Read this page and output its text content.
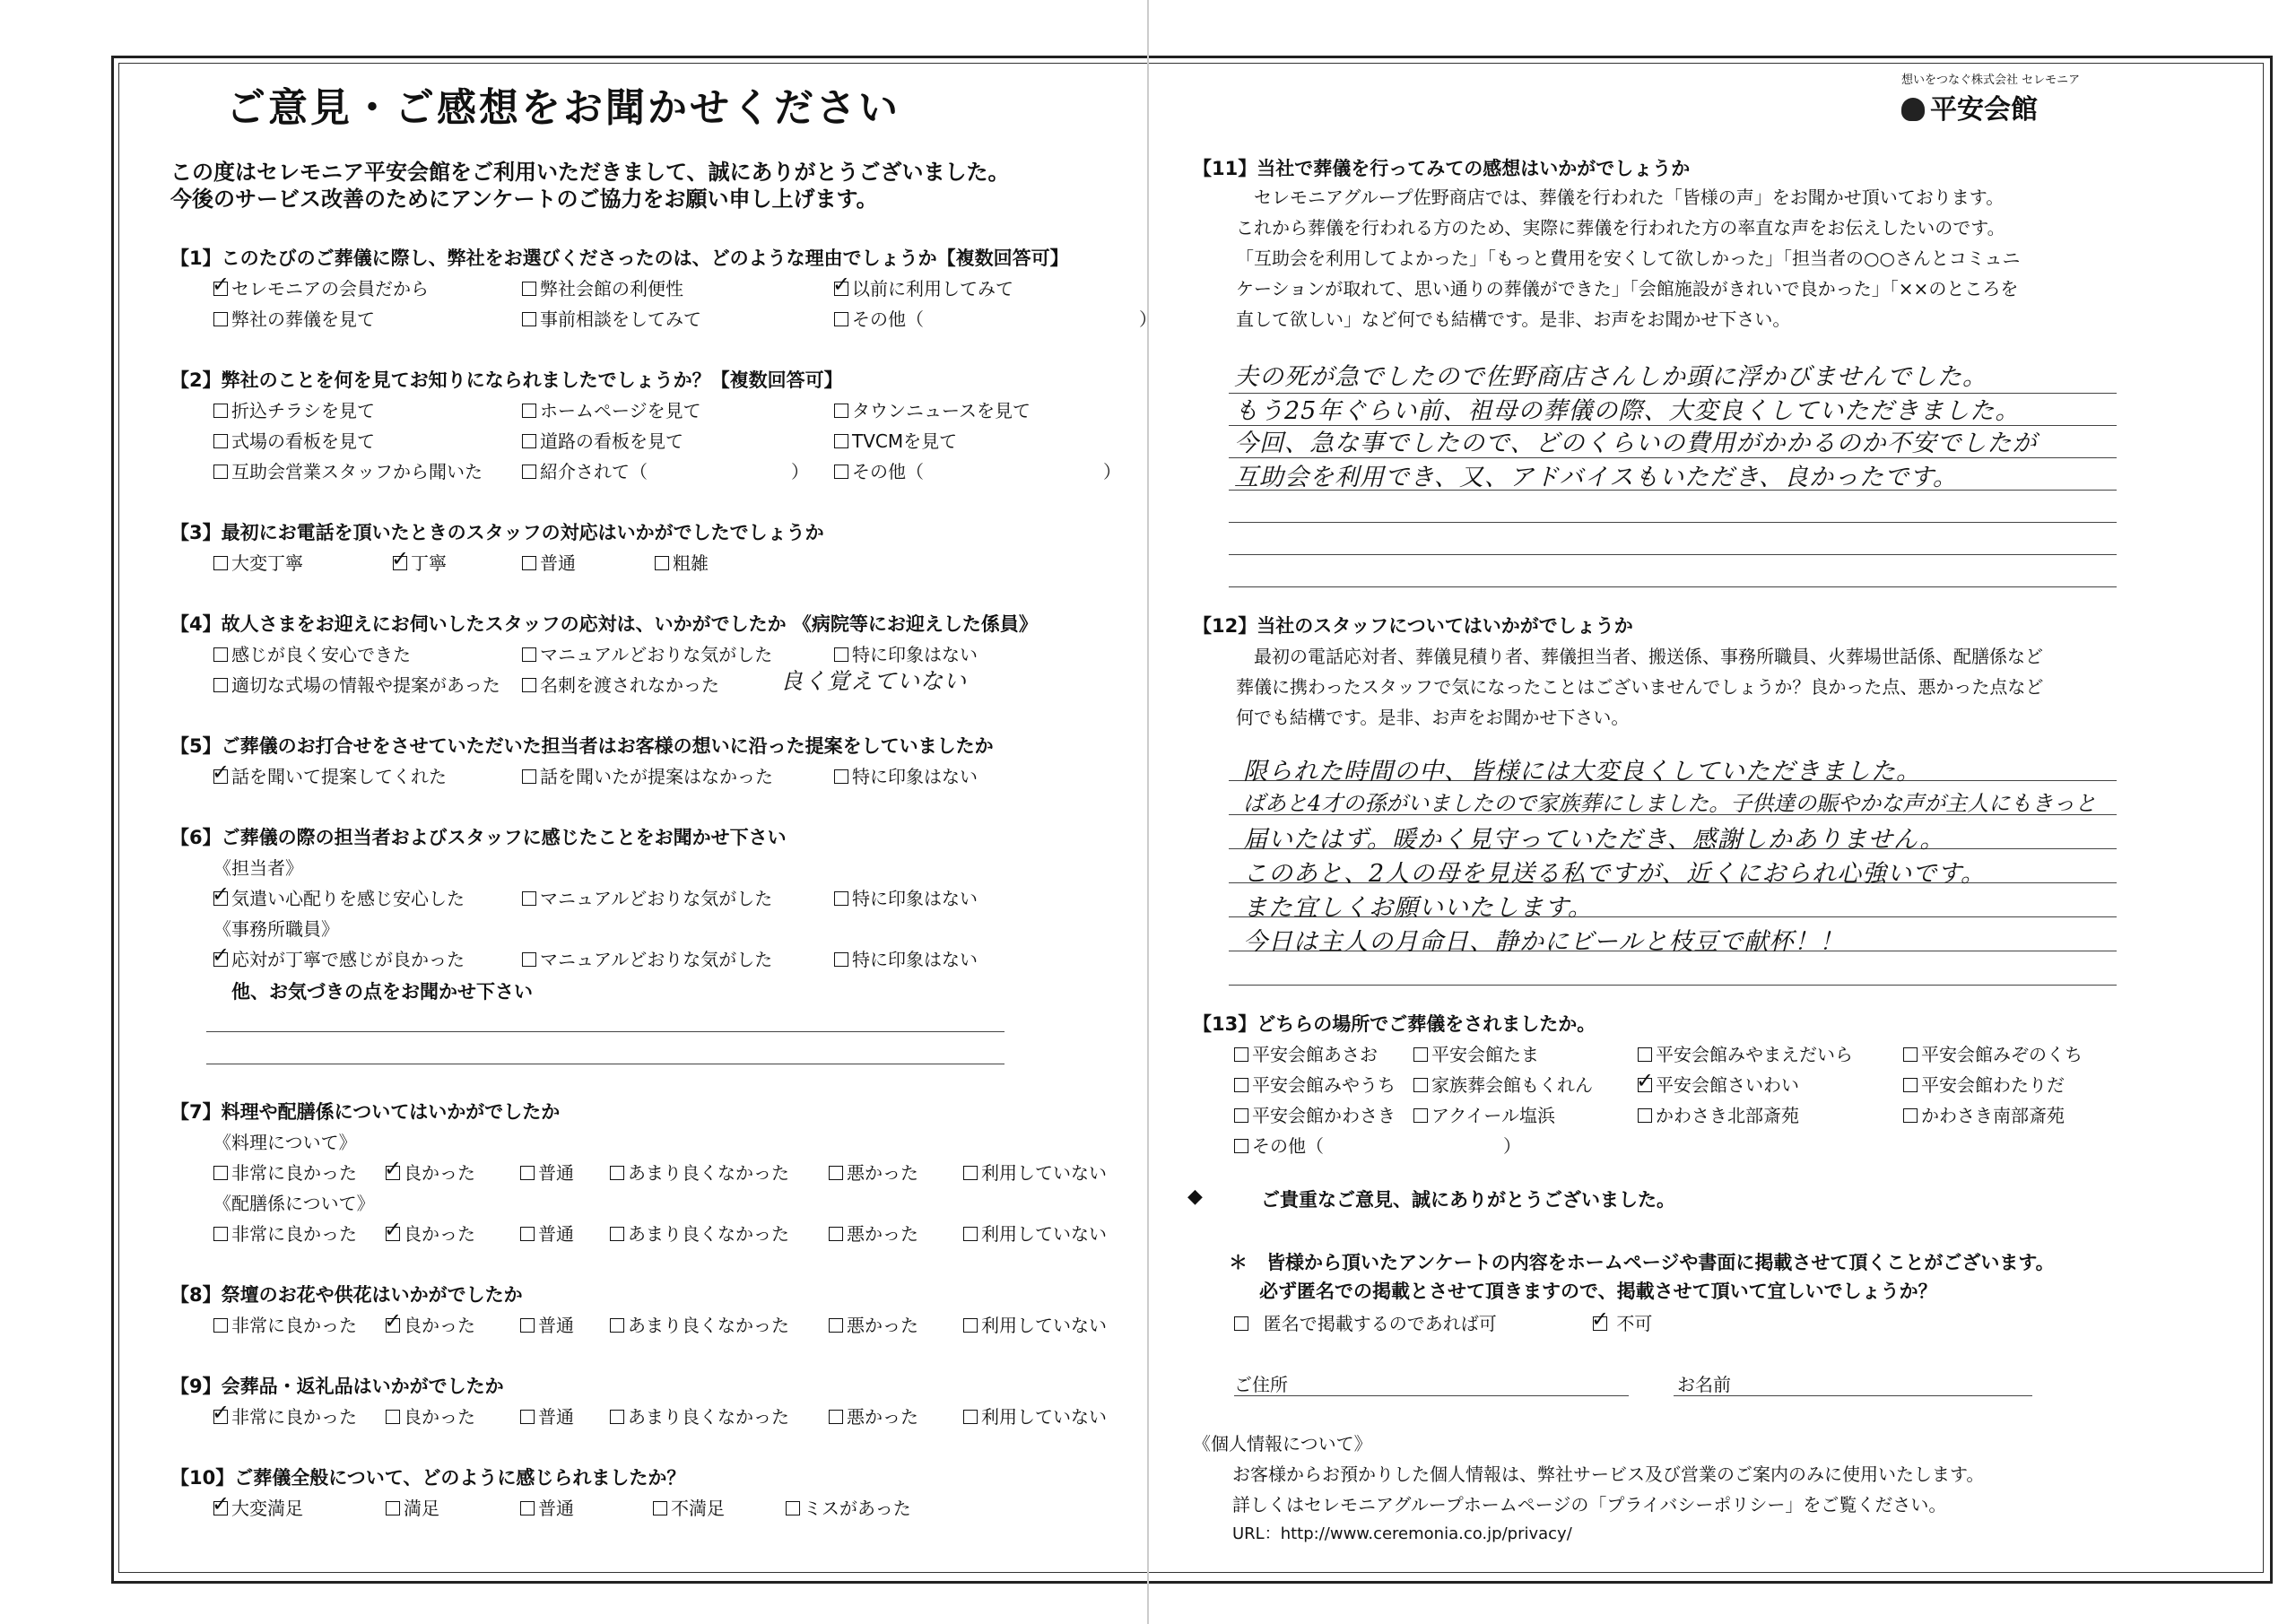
ご意見・ご感想をお聞かせください
この度はセレモニア平安会館をご利用いただきまして、誠にありがとうございました。
今後のサービス改善のためにアンケートのご協力をお願い申し上げます。
【1】このたびのご葬儀に際し、弊社をお選びくださったのは、どのような理由でしょうか【複数回答可】
✓セレモニアの会員だから	弊社会館の利便性 ✓	以前に利用してみて
弊社の葬儀を見て	事前相談をしてみて	その他（　　　　　　　　　　　　）
【2】弊社のことを何を見てお知りになられましたでしょうか？【複数回答可】
折込チラシを見て	ホームページを見て	タウンニュースを見て
式場の看板を見て	道路の看板を見て	TVCMを見て
互助会営業スタッフから聞いた	紹介されて（　　　　　　　　）	その他（　　　　　　　　　　）
【3】最初にお電話を頂いたときのスタッフの対応はいかがでしたでしょうか
大変丁寧 ✓	丁寧	普通	粗雑
【4】故人さまをお迎えにお伺いしたスタッフの応対は、いかがでしたか 《病院等にお迎えした係員》
感じが良く安心できた	マニュアルどおりな気がした	特に印象はない
適切な式場の情報や提案があった	名刺を渡されなかった	良く覚えていない
【5】ご葬儀のお打合せをさせていただいた担当者はお客様の想いに沿った提案をしていましたか
✓話を聞いて提案してくれた	話を聞いたが提案はなかった	特に印象はない
【6】ご葬儀の際の担当者およびスタッフに感じたことをお聞かせ下さい
《担当者》
✓気遣い心配りを感じ安心した	マニュアルどおりな気がした	特に印象はない
《事務所職員》
✓応対が丁寧で感じが良かった	マニュアルどおりな気がした	特に印象はない
他、お気づきの点をお聞かせ下さい
【7】料理や配膳係についてはいかがでしたか
《料理について》
非常に良かった ✓	良かった	普通	あまり良くなかった	悪かった	利用していない
《配膳係について》
非常に良かった ✓	良かった	普通	あまり良くなかった	悪かった	利用していない
【8】祭壇のお花や供花はいかがでしたか
非常に良かった ✓	良かった	普通	あまり良くなかった	悪かった	利用していない
【9】会葬品・返礼品はいかがでしたか
✓非常に良かった	良かった	普通	あまり良くなかった	悪かった	利用していない
【10】ご葬儀全般について、どのように感じられましたか？
✓大変満足	満足	普通	不満足	ミスがあった
想いをつなぐ株式会社 セレモニア
平安会館
【11】当社で葬儀を行ってみての感想はいかがでしょうか
セレモニアグループ佐野商店では、葬儀を行われた「皆様の声」をお聞かせ頂いております。
これから葬儀を行われる方のため、実際に葬儀を行われた方の率直な声をお伝えしたいのです。
「互助会を利用してよかった」「もっと費用を安くして欲しかった」「担当者の○○さんとコミュニ
ケーションが取れて、思い通りの葬儀ができた」「会館施設がきれいで良かった」「××のところを
直して欲しい」など何でも結構です。是非、お声をお聞かせ下さい。
夫の死が急でしたので佐野商店さんしか頭に浮かびませんでした。
もう25年ぐらい前、祖母の葬儀の際、大変良くしていただきました。
今回、急な事でしたので、どのくらいの費用がかかるのか不安でしたが
互助会を利用でき、又、アドバイスもいただき、良かったです。
【12】当社のスタッフについてはいかがでしょうか
最初の電話応対者、葬儀見積り者、葬儀担当者、搬送係、事務所職員、火葬場世話係、配膳係など
葬儀に携わったスタッフで気になったことはございませんでしょうか？良かった点、悪かった点など
何でも結構です。是非、お声をお聞かせ下さい。
限られた時間の中、皆様には大変良くしていただきました。
ばあと4才の孫がいましたので家族葬にしました。子供達の賑やかな声が主人にもきっと
届いたはず。暖かく見守っていただき、感謝しかありません。
このあと、2人の母を見送る私ですが、近くにおられ心強いです。
また宜しくお願いいたします。
今日は主人の月命日、静かにビールと枝豆で献杯！！
【13】どちらの場所でご葬儀をされましたか。
平安会館あさお	平安会館たま	平安会館みやまえだいら	平安会館みぞのくち
平安会館みやうち	家族葬会館もくれん ✓	平安会館さいわい	平安会館わたりだ
平安会館かわさき	アクイール塩浜	かわさき北部斎苑	かわさき南部斎苑
その他（　　　　　　　　　　）
◆	ご貴重なご意見、誠にありがとうございました。
＊　皆様から頂いたアンケートの内容をホームページや書面に掲載させて頂くことがございます。
必ず匿名での掲載とさせて頂きますので、掲載させて頂いて宜しいでしょうか？
匿名で掲載するのであれば可 ✓	不可
ご住所	お名前
《個人情報について》
お客様からお預かりした個人情報は、弊社サービス及び営業のご案内のみに使用いたします。
詳しくはセレモニアグループホームページの「プライバシーポリシー」をご覧ください。
URL：http://www.ceremonia.co.jp/privacy/
